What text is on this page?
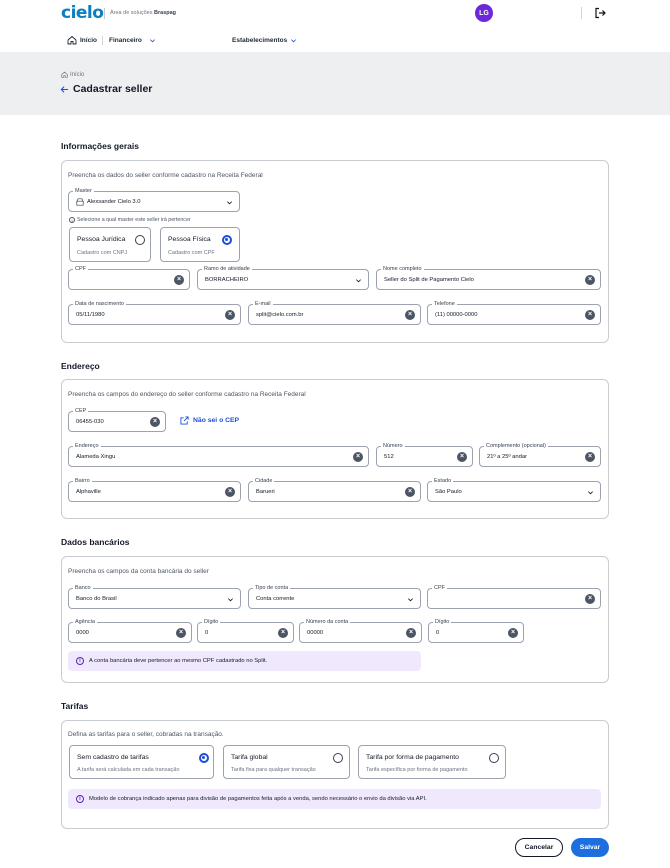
cielo Área de soluções Braspag	LG
Início Financeiro	Estabelecimentos
Início
Cadastrar seller
Informações gerais
Preencha os dados do seller conforme cadastro na Receita Federal
Master
Alexsander Cielo 3.0
i Selecione a qual master este seller irá pertencer
Pessoa Jurídica
Cadastro com CNPJ
Pessoa Física
Cadastro com CPF
CPF
×
Ramo de atividade
BORRACHEIRO
Nome completo
Seller do Split de Pagamento Cielo	×
Data de nascimento
05/11/1980	×
E-mail
split@cielo.com.br	×
Telefone
(11) 00000-0000	×
Endereço
Preencha os campos do endereço do seller conforme cadastro na Receita Federal
CEP
06455-030	×	Não sei o CEP
Endereço
Alameda Xingu	×
Número
512	×
Complemento (opcional)
21º a 25º andar	×
Bairro
Alphaville	×
Cidade
Barueri	×
Estado
São Paulo
Dados bancários
Preencha os campos da conta bancária do seller
Banco
Banco do Brasil
Tipo de conta
Conta corrente
CPF
×
Agência
0000	×
Dígito
0	×
Número da conta
00000	×
Dígito
0	×
i	A conta bancária deve pertencer ao mesmo CPF cadastrado no Split.
Tarifas
Defina as tarifas para o seller, cobradas na transação.
Sem cadastro de tarifas
A tarifa será calculada em cada transação
Tarifa global
Tarifa fixa para qualquer transação
Tarifa por forma de pagamento
Tarifa específica por forma de pagamento
i	Modelo de cobrança indicado apenas para divisão de pagamentos feita após a venda, sendo necessário o envio da divisão via API.
Cancelar	Salvar
